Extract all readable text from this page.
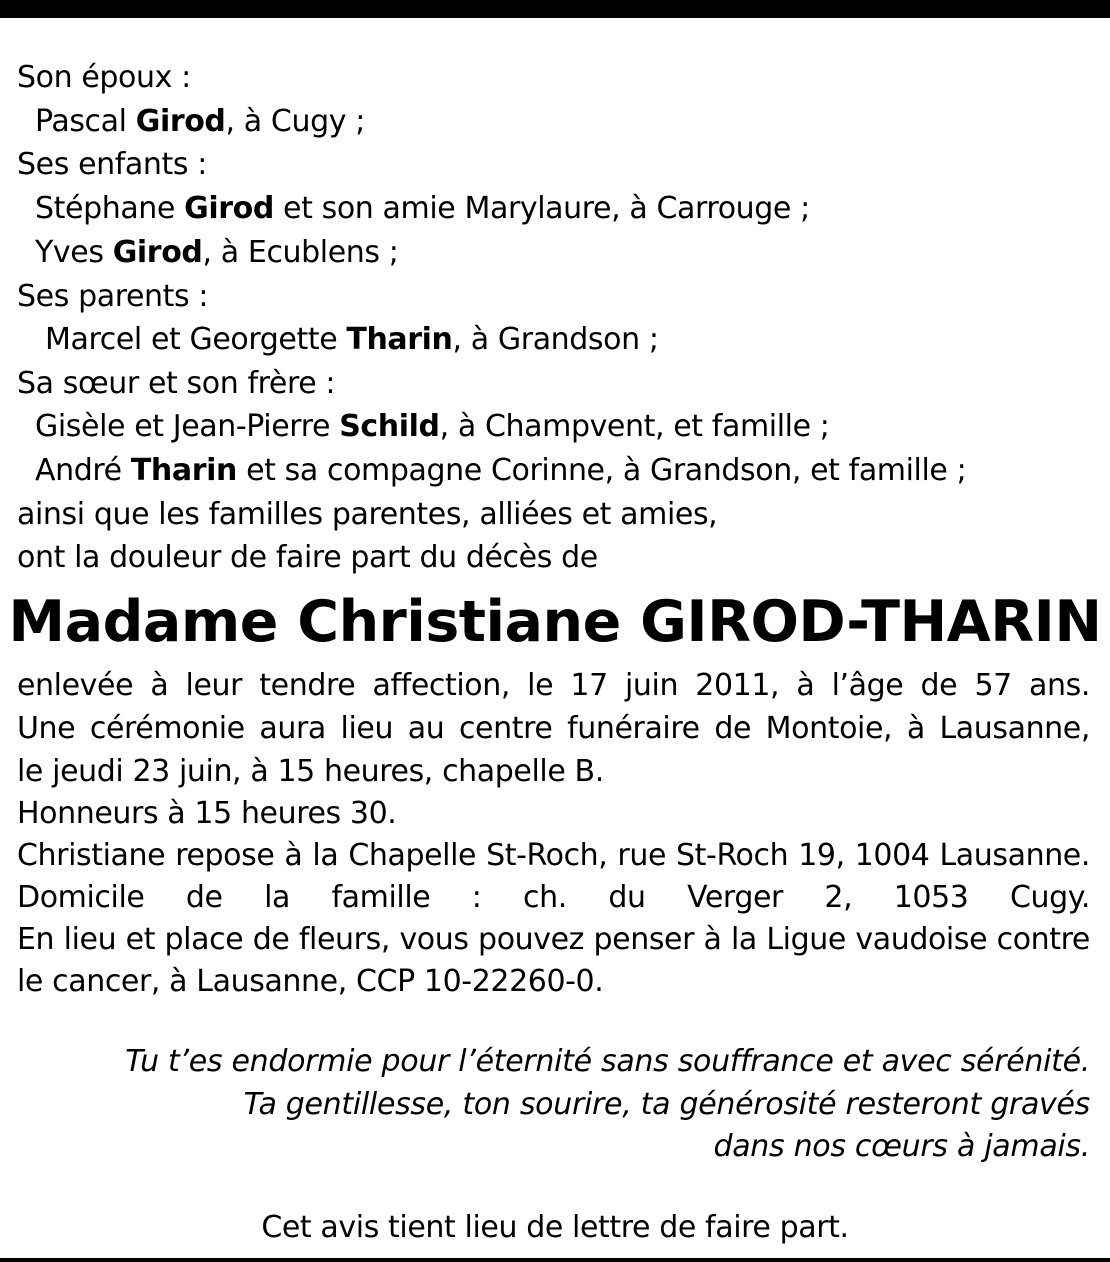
Son époux :
Pascal Girod, à Cugy ;
Ses enfants :
Stéphane Girod et son amie Marylaure, à Carrouge ;
Yves Girod, à Ecublens ;
Ses parents :
Marcel et Georgette Tharin, à Grandson ;
Sa sœur et son frère :
Gisèle et Jean-Pierre Schild, à Champvent, et famille ;
André Tharin et sa compagne Corinne, à Grandson, et famille ;
ainsi que les familles parentes, alliées et amies,
ont la douleur de faire part du décès de
Madame Christiane GIROD-THARIN
enlevée à leur tendre affection, le 17 juin 2011, à l’âge de 57 ans.
Une cérémonie aura lieu au centre funéraire de Montoie, à Lausanne,
le jeudi 23 juin, à 15 heures, chapelle B.
Honneurs à 15 heures 30.
Christiane repose à la Chapelle St-Roch, rue St-Roch 19, 1004 Lausanne.
Domicile de la famille : ch. du Verger 2, 1053 Cugy.
En lieu et place de fleurs, vous pouvez penser à la Ligue vaudoise contre
le cancer, à Lausanne, CCP 10-22260-0.
Tu t’es endormie pour l’éternité sans souffrance et avec sérénité.
Ta gentillesse, ton sourire, ta générosité resteront gravés
dans nos cœurs à jamais.
Cet avis tient lieu de lettre de faire part.
